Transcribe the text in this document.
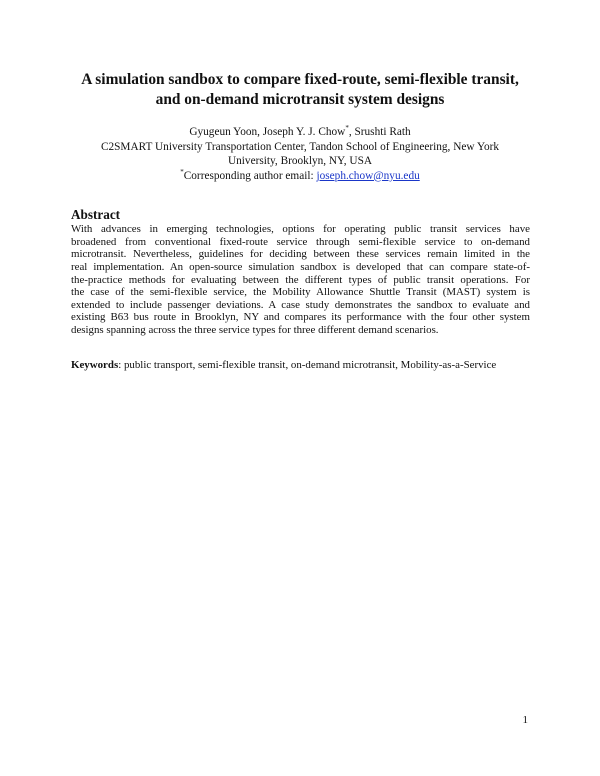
A simulation sandbox to compare fixed-route, semi-flexible transit,
and on-demand microtransit system designs
Gyugeun Yoon, Joseph Y. J. Chow*, Srushti Rath
C2SMART University Transportation Center, Tandon School of Engineering, New York
University, Brooklyn, NY, USA
*Corresponding author email: joseph.chow@nyu.edu
Abstract
With advances in emerging technologies, options for operating public transit services have
broadened from conventional fixed-route service through semi-flexible service to on-demand
microtransit. Nevertheless, guidelines for deciding between these services remain limited in the
real implementation. An open-source simulation sandbox is developed that can compare state-of-
the-practice methods for evaluating between the different types of public transit operations. For
the case of the semi-flexible service, the Mobility Allowance Shuttle Transit (MAST) system is
extended to include passenger deviations. A case study demonstrates the sandbox to evaluate and
existing B63 bus route in Brooklyn, NY and compares its performance with the four other system
designs spanning across the three service types for three different demand scenarios.
Keywords: public transport, semi-flexible transit, on-demand microtransit, Mobility-as-a-Service
1
